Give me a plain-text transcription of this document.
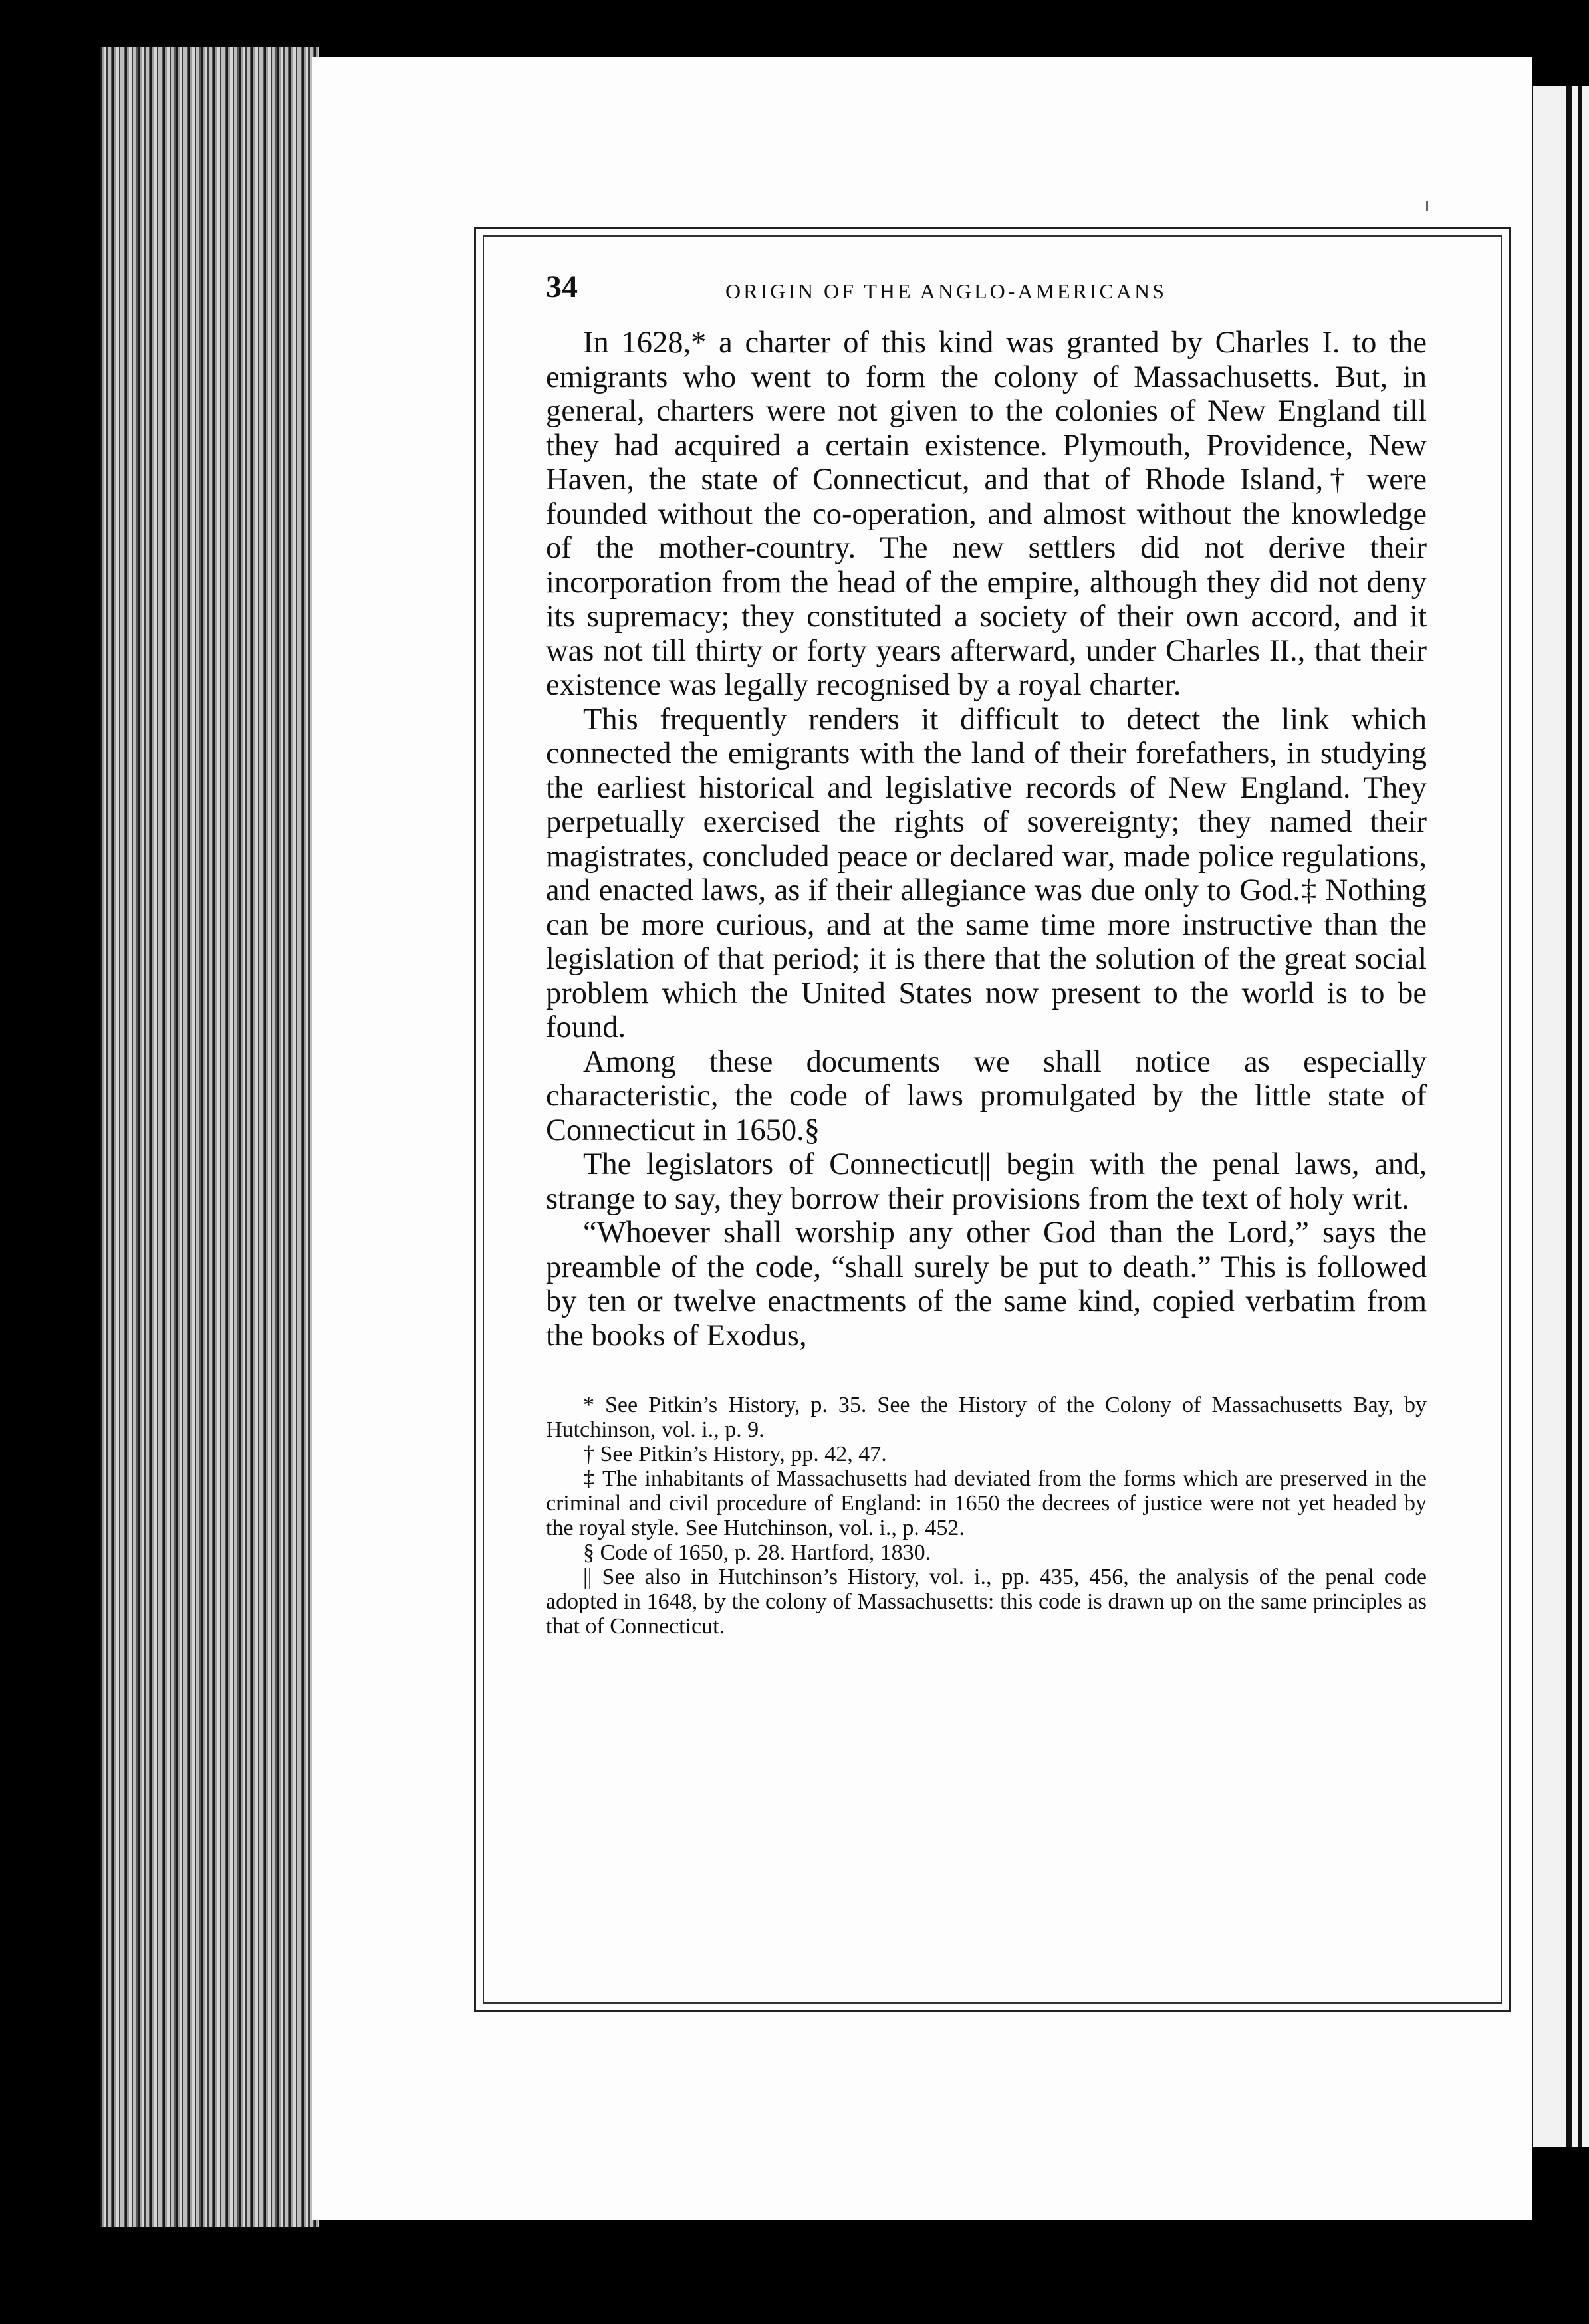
34	ORIGIN OF THE ANGLO-AMERICANS

In 1628,* a charter of this kind was granted by Charles I. to the emigrants who went to form the colony of Massachusetts. But, in general, charters were not given to the colonies of New England till they had acquired a certain existence. Plymouth, Providence, New Haven, the state of Connecticut, and that of Rhode Island,† were founded without the co-operation, and almost without the knowledge of the mother-country. The new settlers did not derive their incorporation from the head of the empire, although they did not deny its supremacy; they constituted a society of their own accord, and it was not till thirty or forty years afterward, under Charles II., that their existence was legally recognised by a royal charter.

This frequently renders it difficult to detect the link which connected the emigrants with the land of their forefathers, in studying the earliest historical and legislative records of New England. They perpetually exercised the rights of sovereignty; they named their magistrates, concluded peace or declared war, made police regulations, and enacted laws, as if their allegiance was due only to God.‡ Nothing can be more curious, and at the same time more instructive than the legislation of that period; it is there that the solution of the great social problem which the United States now present to the world is to be found.

Among these documents we shall notice as especially characteristic, the code of laws promulgated by the little state of Connecticut in 1650.§

The legislators of Connecticut|| begin with the penal laws, and, strange to say, they borrow their provisions from the text of holy writ.

“Whoever shall worship any other God than the Lord,” says the preamble of the code, “shall surely be put to death.” This is followed by ten or twelve enactments of the same kind, copied verbatim from the books of Exodus,

* See Pitkin’s History, p. 35. See the History of the Colony of Massachusetts Bay, by Hutchinson, vol. i., p. 9.

† See Pitkin’s History, pp. 42, 47.

‡ The inhabitants of Massachusetts had deviated from the forms which are preserved in the criminal and civil procedure of England: in 1650 the decrees of justice were not yet headed by the royal style. See Hutchinson, vol. i., p. 452.

§ Code of 1650, p. 28. Hartford, 1830.

|| See also in Hutchinson’s History, vol. i., pp. 435, 456, the analysis of the penal code adopted in 1648, by the colony of Massachusetts: this code is drawn up on the same principles as that of Connecticut.
